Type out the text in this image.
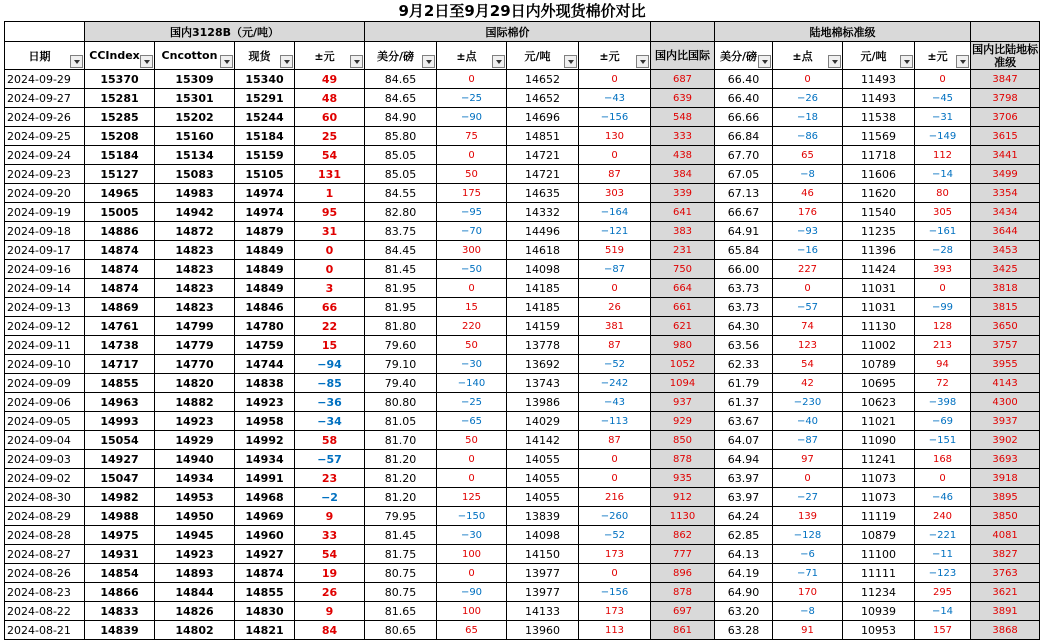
9月2日至9月29日内外现货棉价对比														
	国内3128B（元/吨）				国际棉价					陆地棉标准级				
日期	CCIndex	Cncotton	现货	±元	美分/磅	±点	元/吨	±元	国内比国际	美分/磅	±点	元/吨	±元	国内比陆地标准级
2024-09-29	15370	15309	15340	49	84.65	0	14652	0	687	66.40	0	11493	0	3847
2024-09-27	15281	15301	15291	48	84.65	−25	14652	−43	639	66.40	−26	11493	−45	3798
2024-09-26	15285	15202	15244	60	84.90	−90	14696	−156	548	66.66	−18	11538	−31	3706
2024-09-25	15208	15160	15184	25	85.80	75	14851	130	333	66.84	−86	11569	−149	3615
2024-09-24	15184	15134	15159	54	85.05	0	14721	0	438	67.70	65	11718	112	3441
2024-09-23	15127	15083	15105	131	85.05	50	14721	87	384	67.05	−8	11606	−14	3499
2024-09-20	14965	14983	14974	1	84.55	175	14635	303	339	67.13	46	11620	80	3354
2024-09-19	15005	14942	14974	95	82.80	−95	14332	−164	641	66.67	176	11540	305	3434
2024-09-18	14886	14872	14879	31	83.75	−70	14496	−121	383	64.91	−93	11235	−161	3644
2024-09-17	14874	14823	14849	0	84.45	300	14618	519	231	65.84	−16	11396	−28	3453
2024-09-16	14874	14823	14849	0	81.45	−50	14098	−87	750	66.00	227	11424	393	3425
2024-09-14	14874	14823	14849	3	81.95	0	14185	0	664	63.73	0	11031	0	3818
2024-09-13	14869	14823	14846	66	81.95	15	14185	26	661	63.73	−57	11031	−99	3815
2024-09-12	14761	14799	14780	22	81.80	220	14159	381	621	64.30	74	11130	128	3650
2024-09-11	14738	14779	14759	15	79.60	50	13778	87	980	63.56	123	11002	213	3757
2024-09-10	14717	14770	14744	−94	79.10	−30	13692	−52	1052	62.33	54	10789	94	3955
2024-09-09	14855	14820	14838	−85	79.40	−140	13743	−242	1094	61.79	42	10695	72	4143
2024-09-06	14963	14882	14923	−36	80.80	−25	13986	−43	937	61.37	−230	10623	−398	4300
2024-09-05	14993	14923	14958	−34	81.05	−65	14029	−113	929	63.67	−40	11021	−69	3937
2024-09-04	15054	14929	14992	58	81.70	50	14142	87	850	64.07	−87	11090	−151	3902
2024-09-03	14927	14940	14934	−57	81.20	0	14055	0	878	64.94	97	11241	168	3693
2024-09-02	15047	14934	14991	23	81.20	0	14055	0	935	63.97	0	11073	0	3918
2024-08-30	14982	14953	14968	−2	81.20	125	14055	216	912	63.97	−27	11073	−46	3895
2024-08-29	14988	14950	14969	9	79.95	−150	13839	−260	1130	64.24	139	11119	240	3850
2024-08-28	14975	14945	14960	33	81.45	−30	14098	−52	862	62.85	−128	10879	−221	4081
2024-08-27	14931	14923	14927	54	81.75	100	14150	173	777	64.13	−6	11100	−11	3827
2024-08-26	14854	14893	14874	19	80.75	0	13977	0	896	64.19	−71	11111	−123	3763
2024-08-23	14866	14844	14855	26	80.75	−90	13977	−156	878	64.90	170	11234	295	3621
2024-08-22	14833	14826	14830	9	81.65	100	14133	173	697	63.20	−8	10939	−14	3891
2024-08-21	14839	14802	14821	84	80.65	65	13960	113	861	63.28	91	10953	157	3868
